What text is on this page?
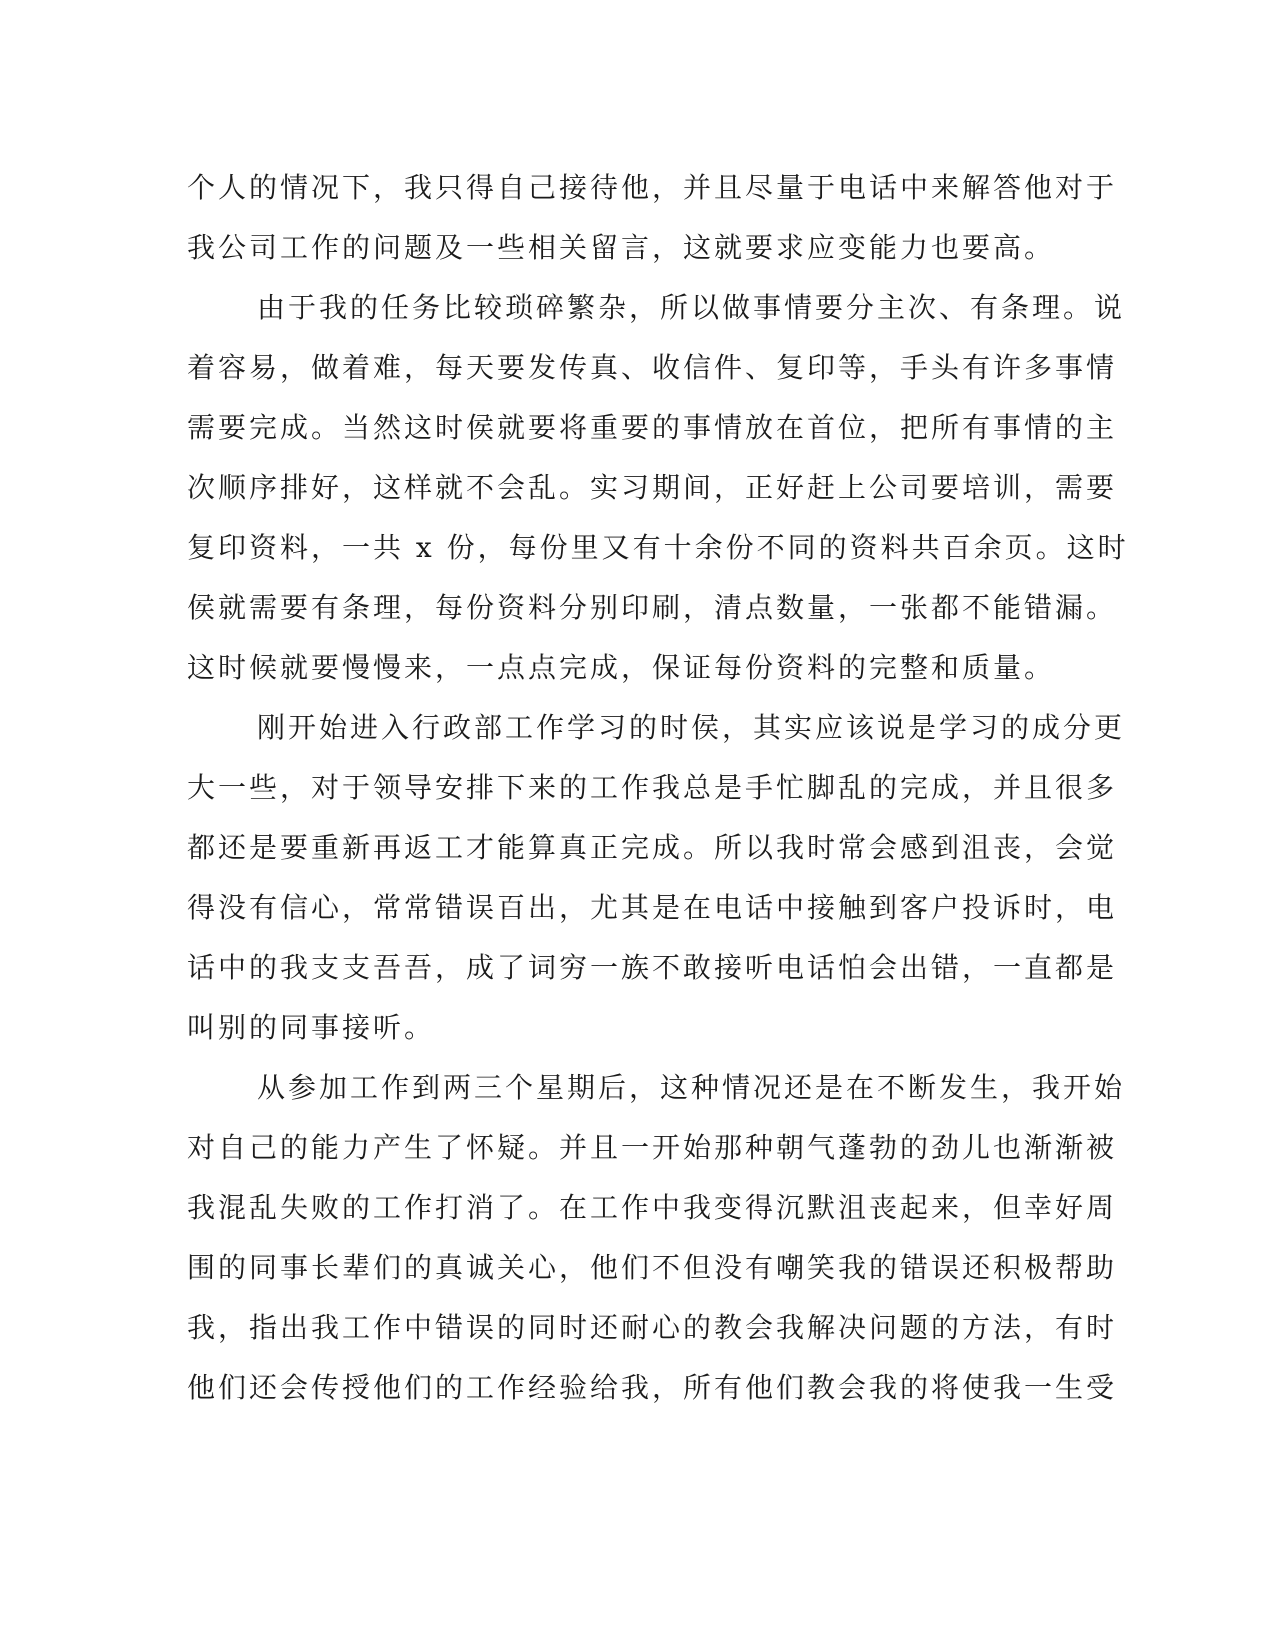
个人的情况下，我只得自己接待他，并且尽量于电话中来解答他对于
我公司工作的问题及一些相关留言，这就要求应变能力也要高。
由于我的任务比较琐碎繁杂，所以做事情要分主次、有条理。说
着容易，做着难，每天要发传真、收信件、复印等，手头有许多事情
需要完成。当然这时侯就要将重要的事情放在首位，把所有事情的主
次顺序排好，这样就不会乱。实习期间，正好赶上公司要培训，需要
复印资料，一共 x 份，每份里又有十余份不同的资料共百余页。这时
侯就需要有条理，每份资料分别印刷，清点数量，一张都不能错漏。
这时候就要慢慢来，一点点完成，保证每份资料的完整和质量。
刚开始进入行政部工作学习的时侯，其实应该说是学习的成分更
大一些，对于领导安排下来的工作我总是手忙脚乱的完成，并且很多
都还是要重新再返工才能算真正完成。所以我时常会感到沮丧，会觉
得没有信心，常常错误百出，尤其是在电话中接触到客户投诉时，电
话中的我支支吾吾，成了词穷一族不敢接听电话怕会出错，一直都是
叫别的同事接听。
从参加工作到两三个星期后，这种情况还是在不断发生，我开始
对自己的能力产生了怀疑。并且一开始那种朝气蓬勃的劲儿也渐渐被
我混乱失败的工作打消了。在工作中我变得沉默沮丧起来，但幸好周
围的同事长辈们的真诚关心，他们不但没有嘲笑我的错误还积极帮助
我，指出我工作中错误的同时还耐心的教会我解决问题的方法，有时
他们还会传授他们的工作经验给我，所有他们教会我的将使我一生受
